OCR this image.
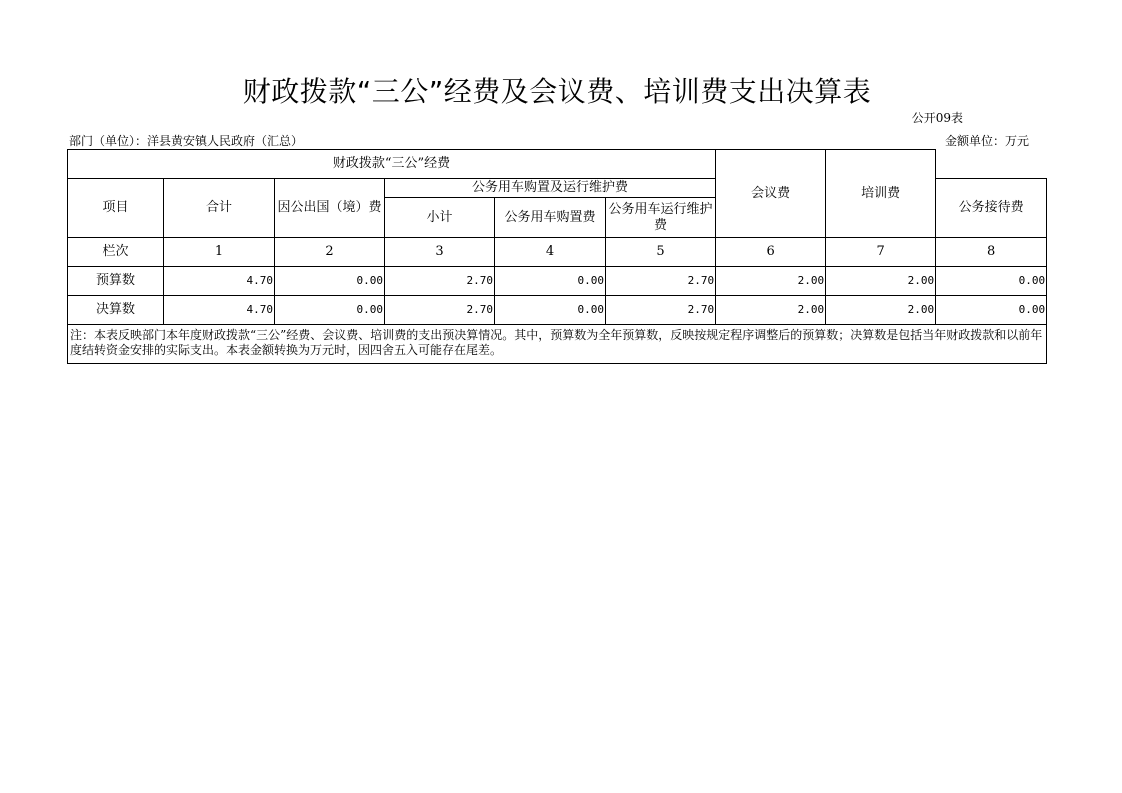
财政拨款“三公”经费及会议费、培训费支出决算表
公开09表
部门（单位）：洋县黄安镇人民政府（汇总）	金额单位：万元
财政拨款“三公”经费						会议费	培训费	
项目	合计	因公出国（境）费	公务用车购置及运行维护费					公务接待费
			小计	公务用车购置费	公务用车运行维护费			
栏次	1	2	3	4	5	6	7	8
预算数	4.70	0.00	2.70	0.00	2.70	2.00	2.00	0.00
决算数	4.70	0.00	2.70	0.00	2.70	2.00	2.00	0.00
注：本表反映部门本年度财政拨款“三公”经费、会议费、培训费的支出预决算情况。其中，预算数为全年预算数，反映按规定程序调整后的预算数；决算数是包括当年财政拨款和以前年度结转资金安排的实际支出。本表金额转换为万元时，因四舍五入可能存在尾差。								
